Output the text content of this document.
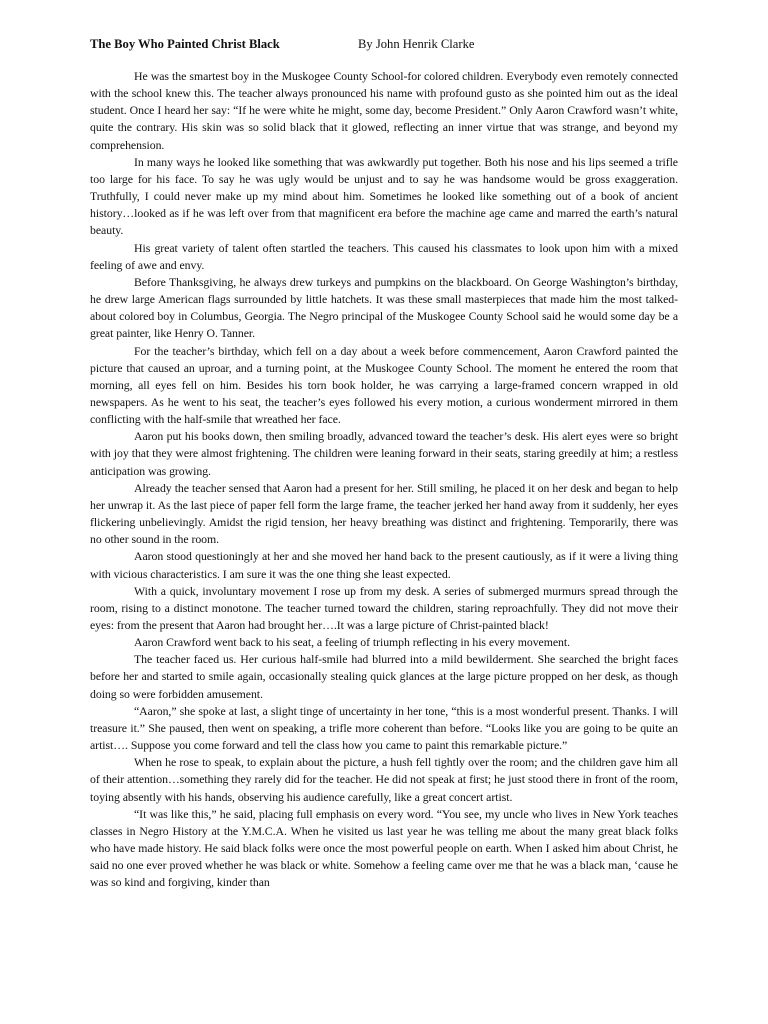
The Boy Who Painted Christ Black	By John Henrik Clarke

He was the smartest boy in the Muskogee County School-for colored children. Everybody even remotely connected with the school knew this. The teacher always pronounced his name with profound gusto as she pointed him out as the ideal student. Once I heard her say: “If he were white he might, some day, become President.” Only Aaron Crawford wasn’t white, quite the contrary. His skin was so solid black that it glowed, reflecting an inner virtue that was strange, and beyond my comprehension.

In many ways he looked like something that was awkwardly put together. Both his nose and his lips seemed a trifle too large for his face. To say he was ugly would be unjust and to say he was handsome would be gross exaggeration. Truthfully, I could never make up my mind about him. Sometimes he looked like something out of a book of ancient history…looked as if he was left over from that magnificent era before the machine age came and marred the earth’s natural beauty.

His great variety of talent often startled the teachers. This caused his classmates to look upon him with a mixed feeling of awe and envy.

Before Thanksgiving, he always drew turkeys and pumpkins on the blackboard. On George Washington’s birthday, he drew large American flags surrounded by little hatchets. It was these small masterpieces that made him the most talked-about colored boy in Columbus, Georgia. The Negro principal of the Muskogee County School said he would some day be a great painter, like Henry O. Tanner.

For the teacher’s birthday, which fell on a day about a week before commencement, Aaron Crawford painted the picture that caused an uproar, and a turning point, at the Muskogee County School. The moment he entered the room that morning, all eyes fell on him. Besides his torn book holder, he was carrying a large-framed concern wrapped in old newspapers. As he went to his seat, the teacher’s eyes followed his every motion, a curious wonderment mirrored in them conflicting with the half-smile that wreathed her face.

Aaron put his books down, then smiling broadly, advanced toward the teacher’s desk. His alert eyes were so bright with joy that they were almost frightening. The children were leaning forward in their seats, staring greedily at him; a restless anticipation was growing.

Already the teacher sensed that Aaron had a present for her. Still smiling, he placed it on her desk and began to help her unwrap it. As the last piece of paper fell form the large frame, the teacher jerked her hand away from it suddenly, her eyes flickering unbelievingly. Amidst the rigid tension, her heavy breathing was distinct and frightening. Temporarily, there was no other sound in the room.

Aaron stood questioningly at her and she moved her hand back to the present cautiously, as if it were a living thing with vicious characteristics. I am sure it was the one thing she least expected.

With a quick, involuntary movement I rose up from my desk. A series of submerged murmurs spread through the room, rising to a distinct monotone. The teacher turned toward the children, staring reproachfully. They did not move their eyes: from the present that Aaron had brought her….It was a large picture of Christ-painted black!

Aaron Crawford went back to his seat, a feeling of triumph reflecting in his every movement.

The teacher faced us. Her curious half-smile had blurred into a mild bewilderment. She searched the bright faces before her and started to smile again, occasionally stealing quick glances at the large picture propped on her desk, as though doing so were forbidden amusement.

“Aaron,” she spoke at last, a slight tinge of uncertainty in her tone, “this is a most wonderful present. Thanks. I will treasure it.” She paused, then went on speaking, a trifle more coherent than before. “Looks like you are going to be quite an artist…. Suppose you come forward and tell the class how you came to paint this remarkable picture.”

When he rose to speak, to explain about the picture, a hush fell tightly over the room; and the children gave him all of their attention…something they rarely did for the teacher. He did not speak at first; he just stood there in front of the room, toying absently with his hands, observing his audience carefully, like a great concert artist.

“It was like this,” he said, placing full emphasis on every word. “You see, my uncle who lives in New York teaches classes in Negro History at the Y.M.C.A. When he visited us last year he was telling me about the many great black folks who have made history. He said black folks were once the most powerful people on earth. When I asked him about Christ, he said no one ever proved whether he was black or white. Somehow a feeling came over me that he was a black man, ‘cause he was so kind and forgiving, kinder than
